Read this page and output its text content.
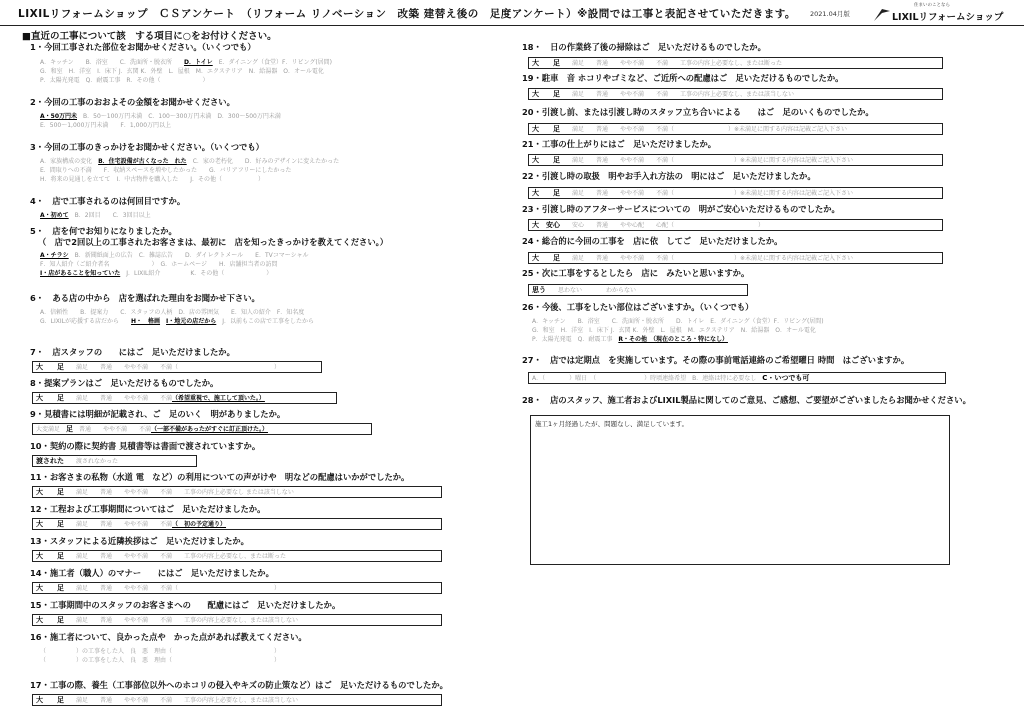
LIXILリフォームショップ　ＣＳアンケート　（リフォーム リノベーション　改築 建替え後の　足度アンケート）※設問では工事と表記させていただきます。 2021.04月版
住まいのことなら
LIXILリフォームショップ
■直近の工事について該　する項目に○をお付けください。
1・今回工事された部位をお聞かせください。（いくつでも）
A．キッチン　　B．浴室　　C．洗面所・脱衣所　　D．トイレ　E．ダイニング（食堂）F．リビング(居間)
G．和室　H．洋室　I．床下 J．玄関 K．外壁　L．屋根　M．エクステリア　N．給湯器　O．オール電化
P．太陽光発電　Q．耐震工事　R．その他（　　　　　　　）
2・今回の工事のおおよその金額をお聞かせください。
A・50万円未　 B．50～100万円未満　C．100～300万円未満　D．300～500万円未満
E．500～1,000万円未満　　F．1,000万円以上
3・今回の工事のきっかけをお聞かせください。（いくつでも）
A．家族構成の変化　B．住宅設備が古くなった　れた　C．家の老朽化　　D．好みのデザインに変えたかった
E．間取りへの不満　　F．収納スペースを増やしたかった　　G．バリアフリーにしたかった
H．将来の見通しを立てて　I．中古物件を購入した　　J．その他（　　　　　　）
4・　店で工事されるのは何回目ですか。
A・初めて　B．2回目　　C．3回目以上
5・　店を何でお知りになりましたか。
（　店で2回以上の工事されたお客さまは、最初に　店を知ったきっかけを教えてください。）
A・チラシ　B．新聞紙面上の広告　C．雑誌広告　　D．ダイレクトメール　　E．TVコマーシャル
F．知人紹介（ご紹介者名　　　　　　　）　G．ホームページ　　H．店舗担当者の訪問
I・店があることを知っていた　J．LIXIL紹介　　　　　K．その他（　　　　　　　）
6・　ある店の中から　店を選ばれた理由をお聞かせ下さい。
A．信頼性　　B．提案力　　C．スタッフの人柄　D．店の雰囲気　　E．知人の紹介　F．知名度
G．LIXILが応援する店だから　　H・　格画　 I・地元の店だから　J．以前もこの店で工事をしたから
7・　店スタッフの　　にはご　足いただけましたか。
大　　足　　満足　　普通　　やや不満　　不満（　　　　　　　　　　　　　　　　）
8・提案プランはご　足いただけるものでしたか。
大　　足　　満足　　普通　　やや不満　　不満（希望重視で、施工して頂いた。）
9・見積書には明細が記載され、ご　足のいく　明がありましたか。
大変満足　足　普通　　やや不満　　不満（一部不備があったがすぐに訂正頂けた。）
10・契約の際に契約書 見積書等は書面で渡されていますか。
渡された　　渡されなかった
11・お客さまの私物（水道 電　など）の利用についての声がけや　明などの配慮はいかがでしたか。
大　　足　　満足　　普通　　やや不満　　不満　　工事の内容上必要なし または該当しない
12・工程および工事期間についてはご　足いただけましたか。
大　　足　　満足　　普通　　やや不満　　不満（　初の予定通り）
13・スタッフによる近隣挨拶はご　足いただけましたか。
大　　足　　満足　　普通　　やや不満　　不満　　工事の内容上必要なし、または断った
14・施工者（職人）のマナー　　にはご　足いただけましたか。
大　　足　　満足　　普通　　やや不満　　不満（　　　　　　　　　　　　　　　　）
15・工事期間中のスタッフのお客さまへの　　配慮にはご　足いただけましたか。
大　　足　　満足　　普通　　やや不満　　不満　　工事の内容上必要なし、または該当しない
16・施工者について、良かった点や　かった点があれば教えてください。
（　　　　　）の工事をした人　良　悪　理由（　　　　　　　　　　　　　　　　　）
（　　　　　）の工事をした人　良　悪　理由（　　　　　　　　　　　　　　　　　）
17・工事の際、養生（工事部位以外へのホコリの侵入やキズの防止策など）はご　足いただけるものでしたか。
大　　足　　満足　　普通　　やや不満　　不満　　工事の内容上必要なし、または該当しない
18・　日の作業終了後の掃除はご　足いただけるものでしたか。
大　　足　　満足　　普通　　やや不満　　不満　　工事の内容上必要なし、または断った
19・駐車　音 ホコリやゴミなど、ご近所への配慮はご　足いただけるものでしたか。
大　　足　　満足　　普通　　やや不満　　不満　　工事の内容上必要なし、または該当しない
20・引渡し前、または引渡し時のスタッフ立ち合いによる　　はご　足のいくものでしたか。
大　　足　　満足　　普通　　やや不満　　不満（　　　　　　　　　）※未満足に関する内容は記載ご記入下さい
21・工事の仕上がりにはご　足いただけましたか。
大　　足　　満足　　普通　　やや不満　　不満（　　　　　　　　　　）※未満足に関する内容は記載ご記入下さい
22・引渡し時の取扱　明やお手入れ方法の　明にはご　足いただけましたか。
大　　足　　満足　　普通　　やや不満　　不満（　　　　　　　　　　）※未満足に関する内容は記載ご記入下さい
23・引渡し時のアフターサービスについての　明がご安心いただけるものでしたか。
大　安心　　安心　　普通　　やや心配　　心配（　　　　　　　　　　　　　　）
24・総合的に今回の工事を　店に依　してご　足いただけましたか。
大　　足　　満足　　普通　　やや不満　　不満（　　　　　　　　　　）※未満足に関する内容は記載ご記入下さい
25・次に工事をするとしたら　店に　みたいと思いますか。
思う　　思わない　　　　わからない
26・今後、工事をしたい部位はございますか。（いくつでも）
A．キッチン　　B．浴室　　C．洗面所・脱衣所　　D．トイレ　E．ダイニング（食堂）F．リビング(居間)
G．和室　H．洋室　I．床下 J．玄関 K．外壁　L．屋根　M．エクステリア　N．給湯器　O．オール電化
P．太陽光発電　Q．耐震工事　R・その他　（現在のところ・特になし）
27・　店では定期点　を実施しています。その際の事前電話連絡のご希望曜日 時間　はございますか。
A．（　　　　）曜日　（　　　　　　　　）時頃連絡希望　B．連絡は特に必要なし　C・いつでも可
28・　店のスタッフ、施工者およびLIXIL製品に関してのご意見、ご感想、ご要望がございましたらお聞かせください。
施工1ヶ月経過したが、問題なし、満足しています。
